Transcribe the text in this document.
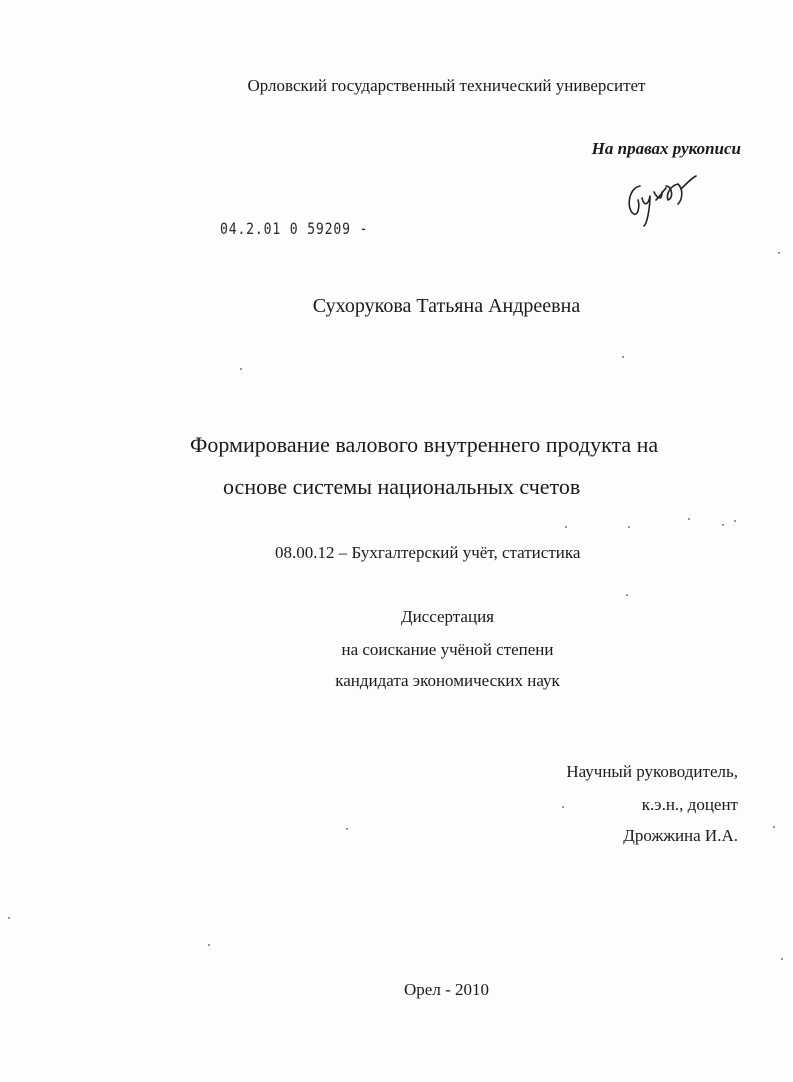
Орловский государственный технический университет
На правах рукописи
04.2.01 0 59209 -
Сухорукова Татьяна Андреевна
Формирование валового внутреннего продукта на
основе системы национальных счетов
08.00.12 – Бухгалтерский учёт, статистика
Диссертация
на соискание учёной степени
кандидата экономических наук
Научный руководитель,
к.э.н., доцент
Дрожжина И.А.
Орел - 2010
